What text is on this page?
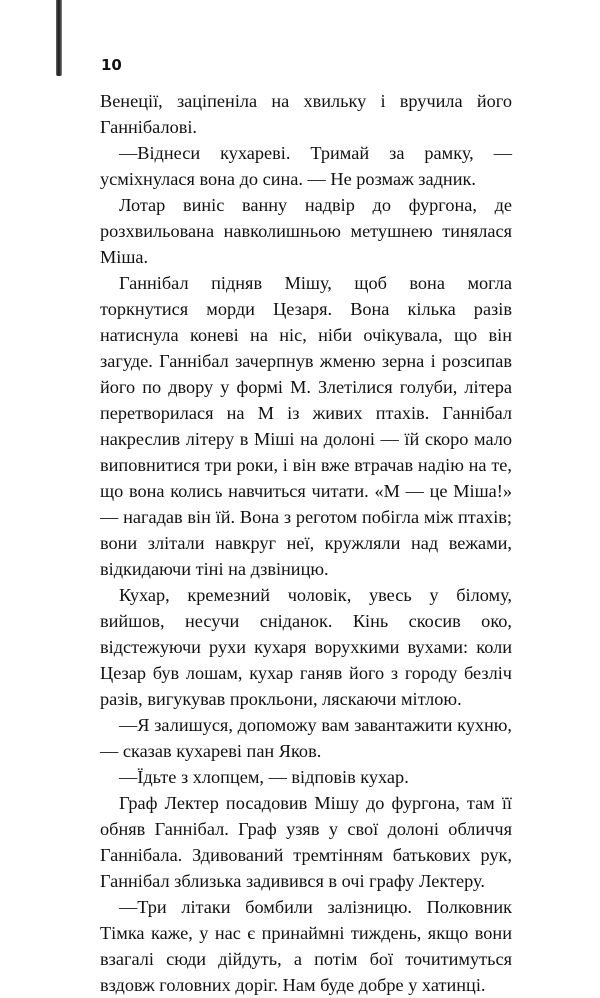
10

Венеції, зацiпеніла на хвильку і вручила його Ганнібалові.

—Віднеси кухареві. Тримай за рамку, — усміхнулася вона до сина. — Не розмаж задник.

Лотар виніс ванну надвір до фургона, де розхвильована навколишньою метушнею тинялася Міша.

Ганнібал підняв Мішу, щоб вона могла торкнутися морди Цезаря. Вона кілька разів натиснула коневі на ніс, ніби очікувала, що він загуде. Ганнібал зачерпнув жменю зерна і розсипав його по двору у формі М. Злетілися голуби, літера перетворилася на М із живих птахів. Ганнібал накреслив літеру в Міші на долоні — їй скоро мало виповнитися три роки, і він вже втрачав надію на те, що вона колись навчиться читати. «М — це Міша!» — нагадав він їй. Вона з реготом побігла між птахів; вони злітали навкруг неї, кружляли над вежами, відкидаючи тіні на дзвіницю.

Кухар, кремезний чоловік, увесь у білому, вийшов, несучи сніданок. Кінь скосив око, відстежуючи рухи кухаря ворухкими вухами: коли Цезар був лошам, кухар ганяв його з городу безліч разів, вигукував прокльони, ляскаючи мітлою.

—Я залишуся, допоможу вам завантажити кухню, — сказав кухареві пан Яков.

—Їдьте з хлопцем, — відповів кухар.

Граф Лектер посадовив Мішу до фургона, там її обняв Ганнібал. Граф узяв у свої долоні обличчя Ганнібала. Здивований тремтінням батькових рук, Ганнібал зблизька задивився в очі графу Лектеру.

—Три літаки бомбили залізницю. Полковник Тімка каже, у нас є принаймні тиждень, якщо вони взагалі сюди дійдуть, а потім бої точитимуться вздовж головних доріг. Нам буде добре у хатинці.
